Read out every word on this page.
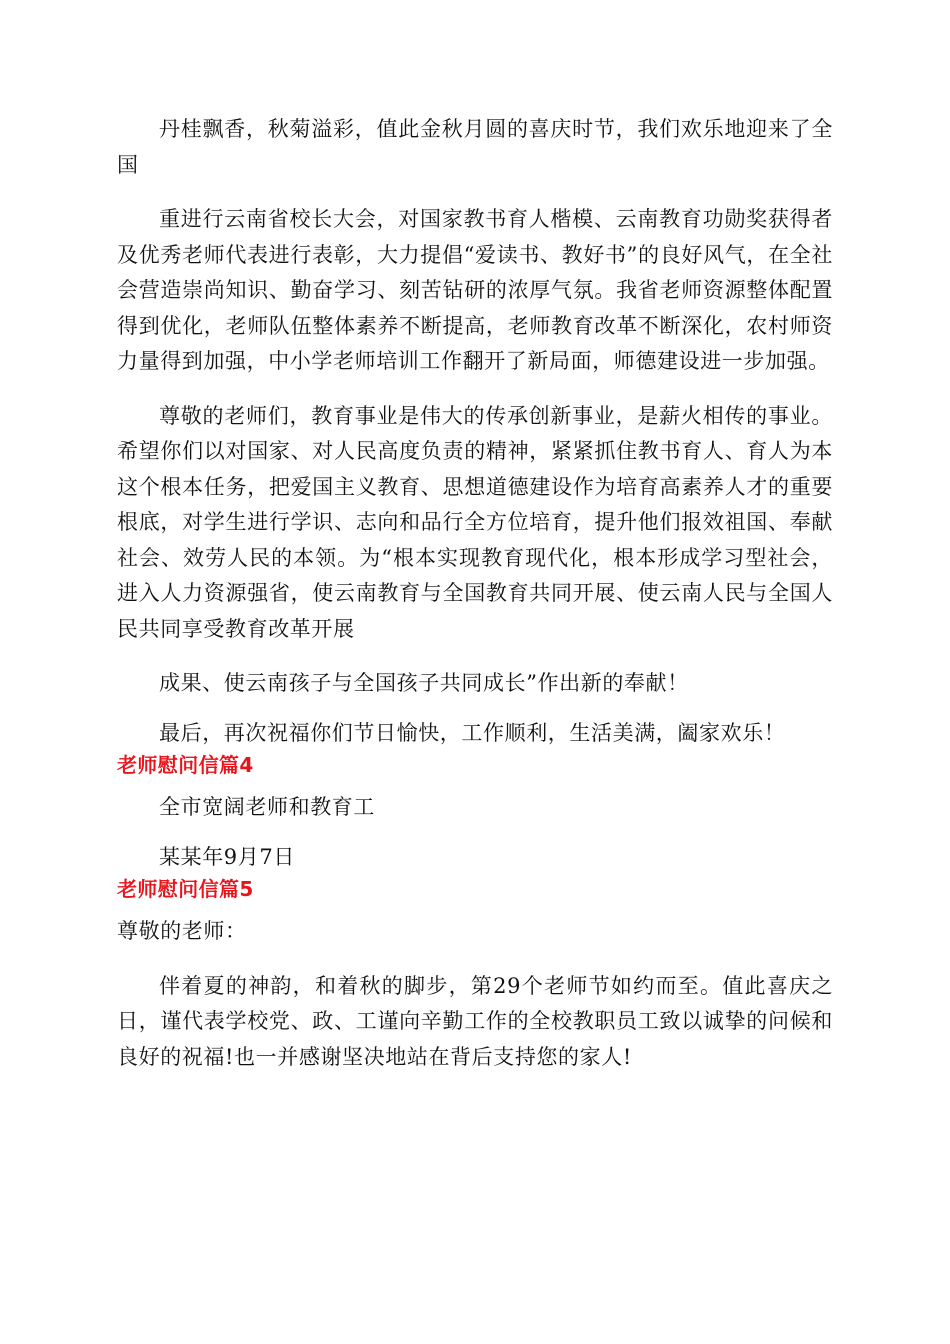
丹桂飘香，秋菊溢彩，值此金秋月圆的喜庆时节，我们欢乐地迎来了全国

重进行云南省校长大会，对国家教书育人楷模、云南教育功勋奖获得者及优秀老师代表进行表彰，大力提倡“爱读书、教好书”的良好风气，在全社会营造崇尚知识、勤奋学习、刻苦钻研的浓厚气氛。我省老师资源整体配置得到优化，老师队伍整体素养不断提高，老师教育改革不断深化，农村师资力量得到加强，中小学老师培训工作翻开了新局面，师德建设进一步加强。

尊敬的老师们，教育事业是伟大的传承创新事业，是薪火相传的事业。希望你们以对国家、对人民高度负责的精神，紧紧抓住教书育人、育人为本这个根本任务，把爱国主义教育、思想道德建设作为培育高素养人才的重要根底，对学生进行学识、志向和品行全方位培育，提升他们报效祖国、奉献社会、效劳人民的本领。为“根本实现教育现代化，根本形成学习型社会，进入人力资源强省，使云南教育与全国教育共同开展、使云南人民与全国人民共同享受教育改革开展

成果、使云南孩子与全国孩子共同成长”作出新的奉献！

最后，再次祝福你们节日愉快，工作顺利，生活美满，阖家欢乐！

老师慰问信篇4

全市宽阔老师和教育工

某某年9月7日

老师慰问信篇5

尊敬的老师：

伴着夏的神韵，和着秋的脚步，第29个老师节如约而至。值此喜庆之日，谨代表学校党、政、工谨向辛勤工作的全校教职员工致以诚挚的问候和良好的祝福!也一并感谢坚决地站在背后支持您的家人!
